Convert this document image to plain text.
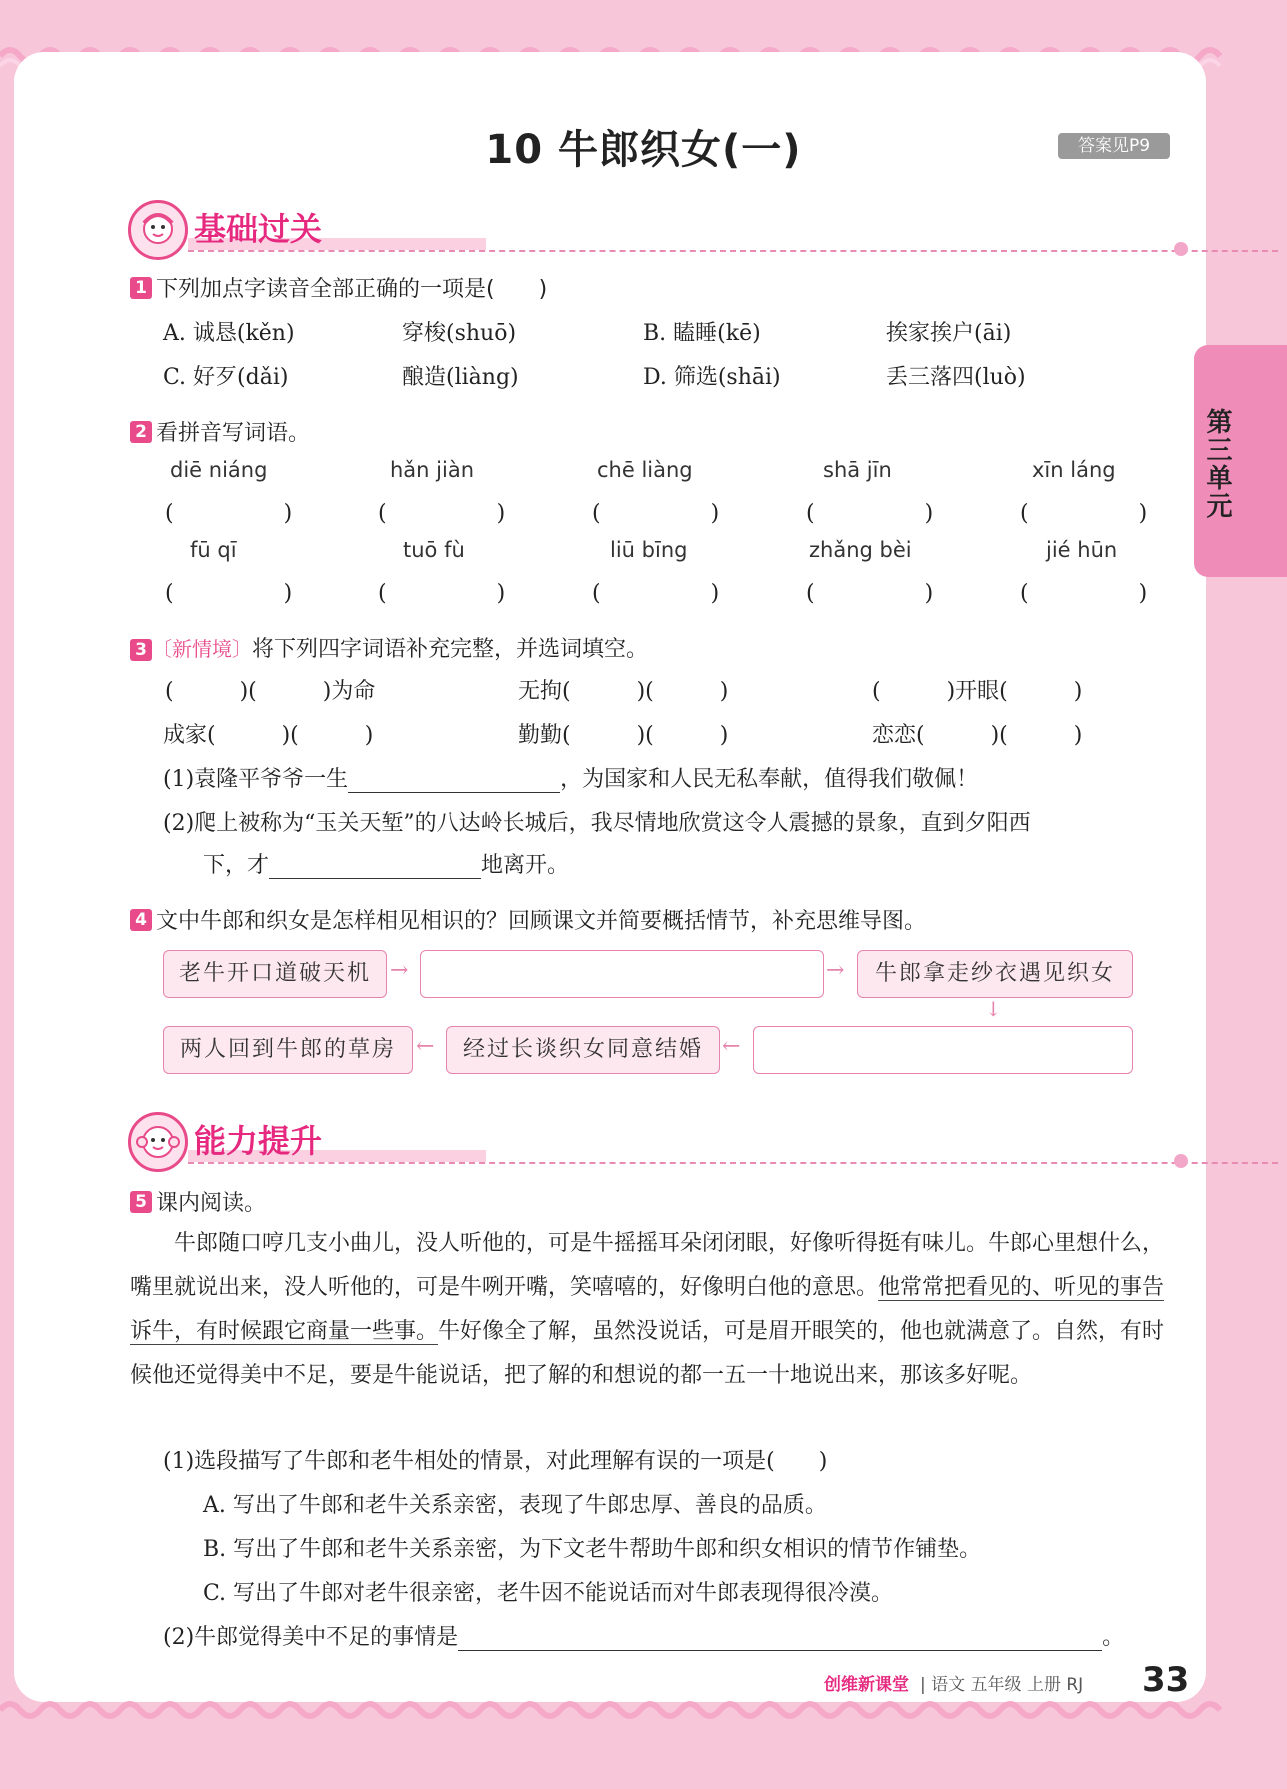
第三单元
10 牛郎织女(一)	答案见P9
基础过关
1 下列加点字读音全部正确的一项是(　　)
A. 诚恳(kěn)	穿梭(shuō)	B. 瞌睡(kē)	挨家挨户(āi)
C. 好歹(dǎi)	酿造(liàng)	D. 筛选(shāi)	丢三落四(luò)
2 看拼音写词语。
diē niáng	hǎn jiàn	chē liàng	shā jīn	xīn láng
(　　　　　)	(　　　　　)	(　　　　　)	(　　　　　)	(　　　　　)
fū qī	tuō fù	liū bīng	zhǎng bèi	jié hūn
(　　　　　)	(　　　　　)	(　　　　　)	(　　　　　)	(　　　　　)
3 〔新情境〕将下列四字词语补充完整，并选词填空。
(　　　)(　　　)为命	无拘(　　　)(　　　)	(　　　)开眼(　　　)
成家(　　　)(　　　)	勤勤(　　　)(　　　)	恋恋(　　　)(　　　)
(1)袁隆平爷爷一生	，为国家和人民无私奉献，值得我们敬佩！
(2)爬上被称为“玉关天堑”的八达岭长城后，我尽情地欣赏这令人震撼的景象，直到夕阳西
下，才	地离开。
4 文中牛郎和织女是怎样相见相识的？回顾课文并简要概括情节，补充思维导图。
老牛开口道破天机 →	→	牛郎拿走纱衣遇见织女
↓
两人回到牛郎的草房 ←	经过长谈织女同意结婚 ←
能力提升
5 课内阅读。
牛郎随口哼几支小曲儿，没人听他的，可是牛摇摇耳朵闭闭眼，好像听得挺有味儿。牛郎心里想什么，嘴里就说出来，没人听他的，可是牛咧开嘴，笑嘻嘻的，好像明白他的意思。他常常把看见的、听见的事告诉牛，有时候跟它商量一些事。牛好像全了解，虽然没说话，可是眉开眼笑的，他也就满意了。自然，有时候他还觉得美中不足，要是牛能说话，把了解的和想说的都一五一十地说出来，那该多好呢。
(1)选段描写了牛郎和老牛相处的情景，对此理解有误的一项是(　　)
A. 写出了牛郎和老牛关系亲密，表现了牛郎忠厚、善良的品质。
B. 写出了牛郎和老牛关系亲密，为下文老牛帮助牛郎和织女相识的情节作铺垫。
C. 写出了牛郎对老牛很亲密，老牛因不能说话而对牛郎表现得很冷漠。
(2)牛郎觉得美中不足的事情是	。
创维新课堂 | 语文 五年级 上册 RJ 33
